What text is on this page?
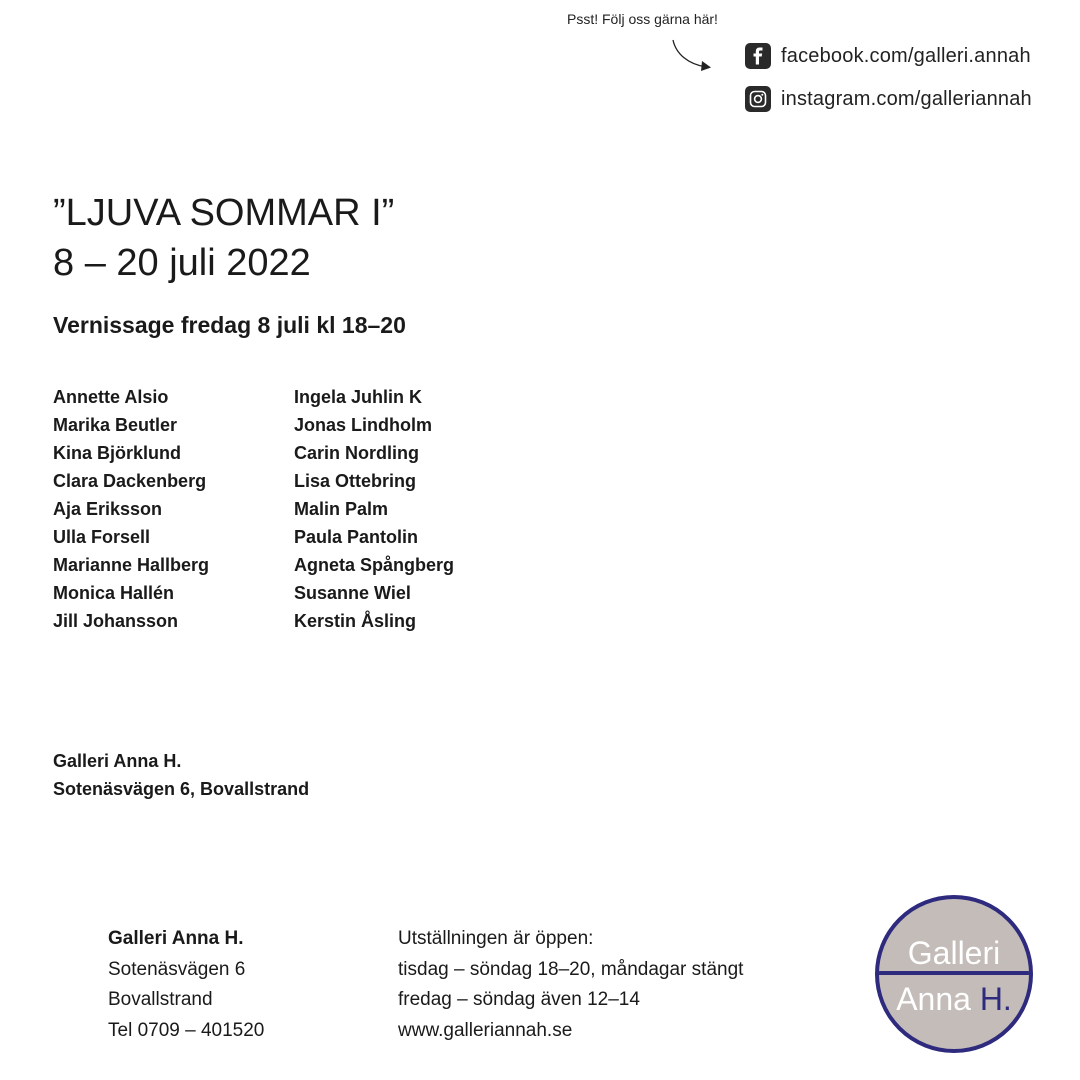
Psst! Följ oss gärna här!
facebook.com/galleri.annah
instagram.com/galleriannah
”LJUVA SOMMAR I”
8 – 20 juli 2022
Vernissage fredag 8 juli kl 18–20
Annette Alsio
Marika Beutler
Kina Björklund
Clara Dackenberg
Aja Eriksson
Ulla Forsell
Marianne Hallberg
Monica Hallén
Jill Johansson
Ingela Juhlin K
Jonas Lindholm
Carin Nordling
Lisa Ottebring
Malin Palm
Paula Pantolin
Agneta Spångberg
Susanne Wiel
Kerstin Åsling
Galleri Anna H.
Sotenäsvägen 6, Bovallstrand
Galleri Anna H.
Sotenäsvägen 6
Bovallstrand
Tel 0709 – 401520
Utställningen är öppen:
tisdag – söndag 18–20, måndagar stängt
fredag – söndag även 12–14
www.galleriannah.se
Galleri
Anna H.
